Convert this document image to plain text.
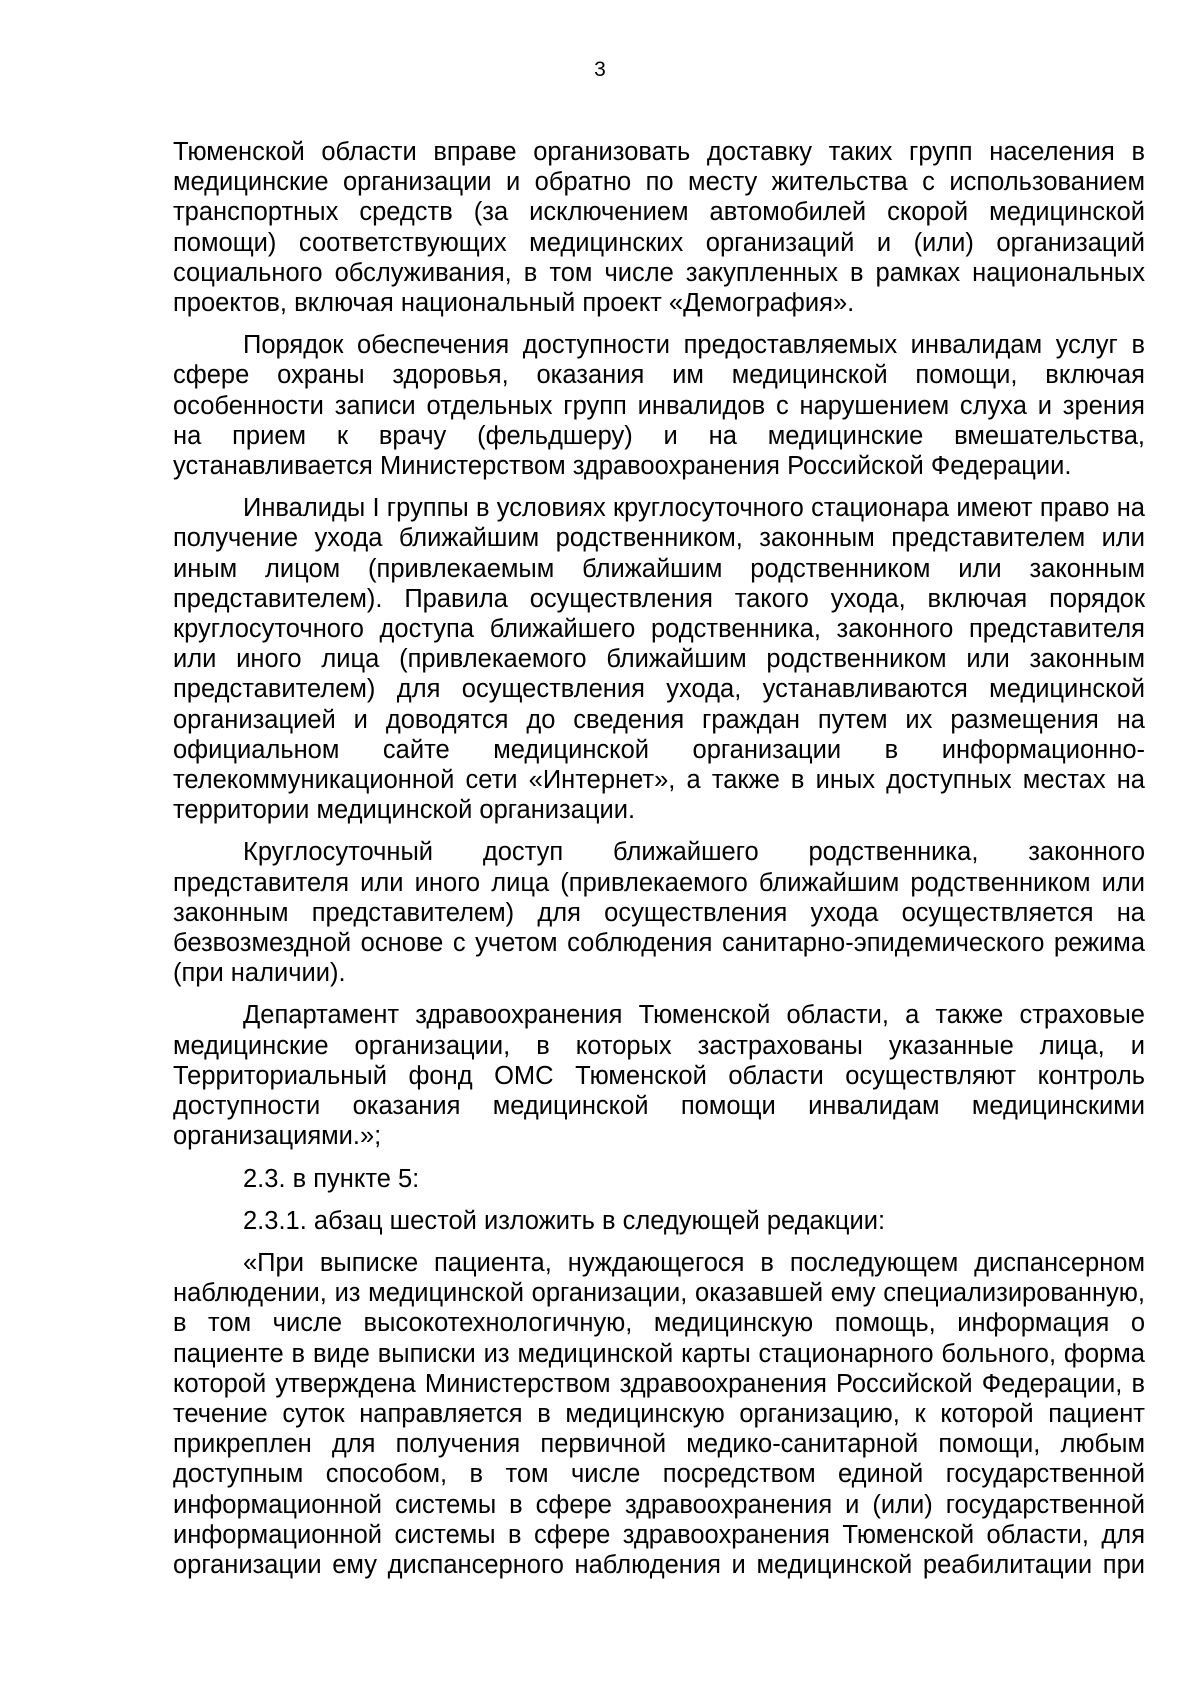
3

Тюменской области вправе организовать доставку таких групп населения в медицинские организации и обратно по месту жительства с использованием транспортных средств (за исключением автомобилей скорой медицинской помощи) соответствующих медицинских организаций и (или) организаций социального обслуживания, в том числе закупленных в рамках национальных проектов, включая национальный проект «Демография».

Порядок обеспечения доступности предоставляемых инвалидам услуг в сфере охраны здоровья, оказания им медицинской помощи, включая особенности записи отдельных групп инвалидов с нарушением слуха и зрения на прием к врачу (фельдшеру) и на медицинские вмешательства, устанавливается Министерством здравоохранения Российской Федерации.

Инвалиды I группы в условиях круглосуточного стационара имеют право на получение ухода ближайшим родственником, законным представителем или иным лицом (привлекаемым ближайшим родственником или законным представителем). Правила осуществления такого ухода, включая порядок круглосуточного доступа ближайшего родственника, законного представителя или иного лица (привлекаемого ближайшим родственником или законным представителем) для осуществления ухода, устанавливаются медицинской организацией и доводятся до сведения граждан путем их размещения на официальном сайте медицинской организации в информационно-телекоммуникационной сети «Интернет», а также в иных доступных местах на территории медицинской организации.

Круглосуточный доступ ближайшего родственника, законного представителя или иного лица (привлекаемого ближайшим родственником или законным представителем) для осуществления ухода осуществляется на безвозмездной основе с учетом соблюдения санитарно-эпидемического режима (при наличии).

Департамент здравоохранения Тюменской области, а также страховые медицинские организации, в которых застрахованы указанные лица, и Территориальный фонд ОМС Тюменской области осуществляют контроль доступности оказания медицинской помощи инвалидам медицинскими организациями.»;

2.3. в пункте 5:

2.3.1. абзац шестой изложить в следующей редакции:

«При выписке пациента, нуждающегося в последующем диспансерном наблюдении, из медицинской организации, оказавшей ему специализированную, в том числе высокотехнологичную, медицинскую помощь, информация о пациенте в виде выписки из медицинской карты стационарного больного, форма которой утверждена Министерством здравоохранения Российской Федерации, в течение суток направляется в медицинскую организацию, к которой пациент прикреплен для получения первичной медико-санитарной помощи, любым доступным способом, в том числе посредством единой государственной информационной системы в сфере здравоохранения и (или) государственной информационной системы в сфере здравоохранения Тюменской области, для организации ему диспансерного наблюдения и медицинской реабилитации при
